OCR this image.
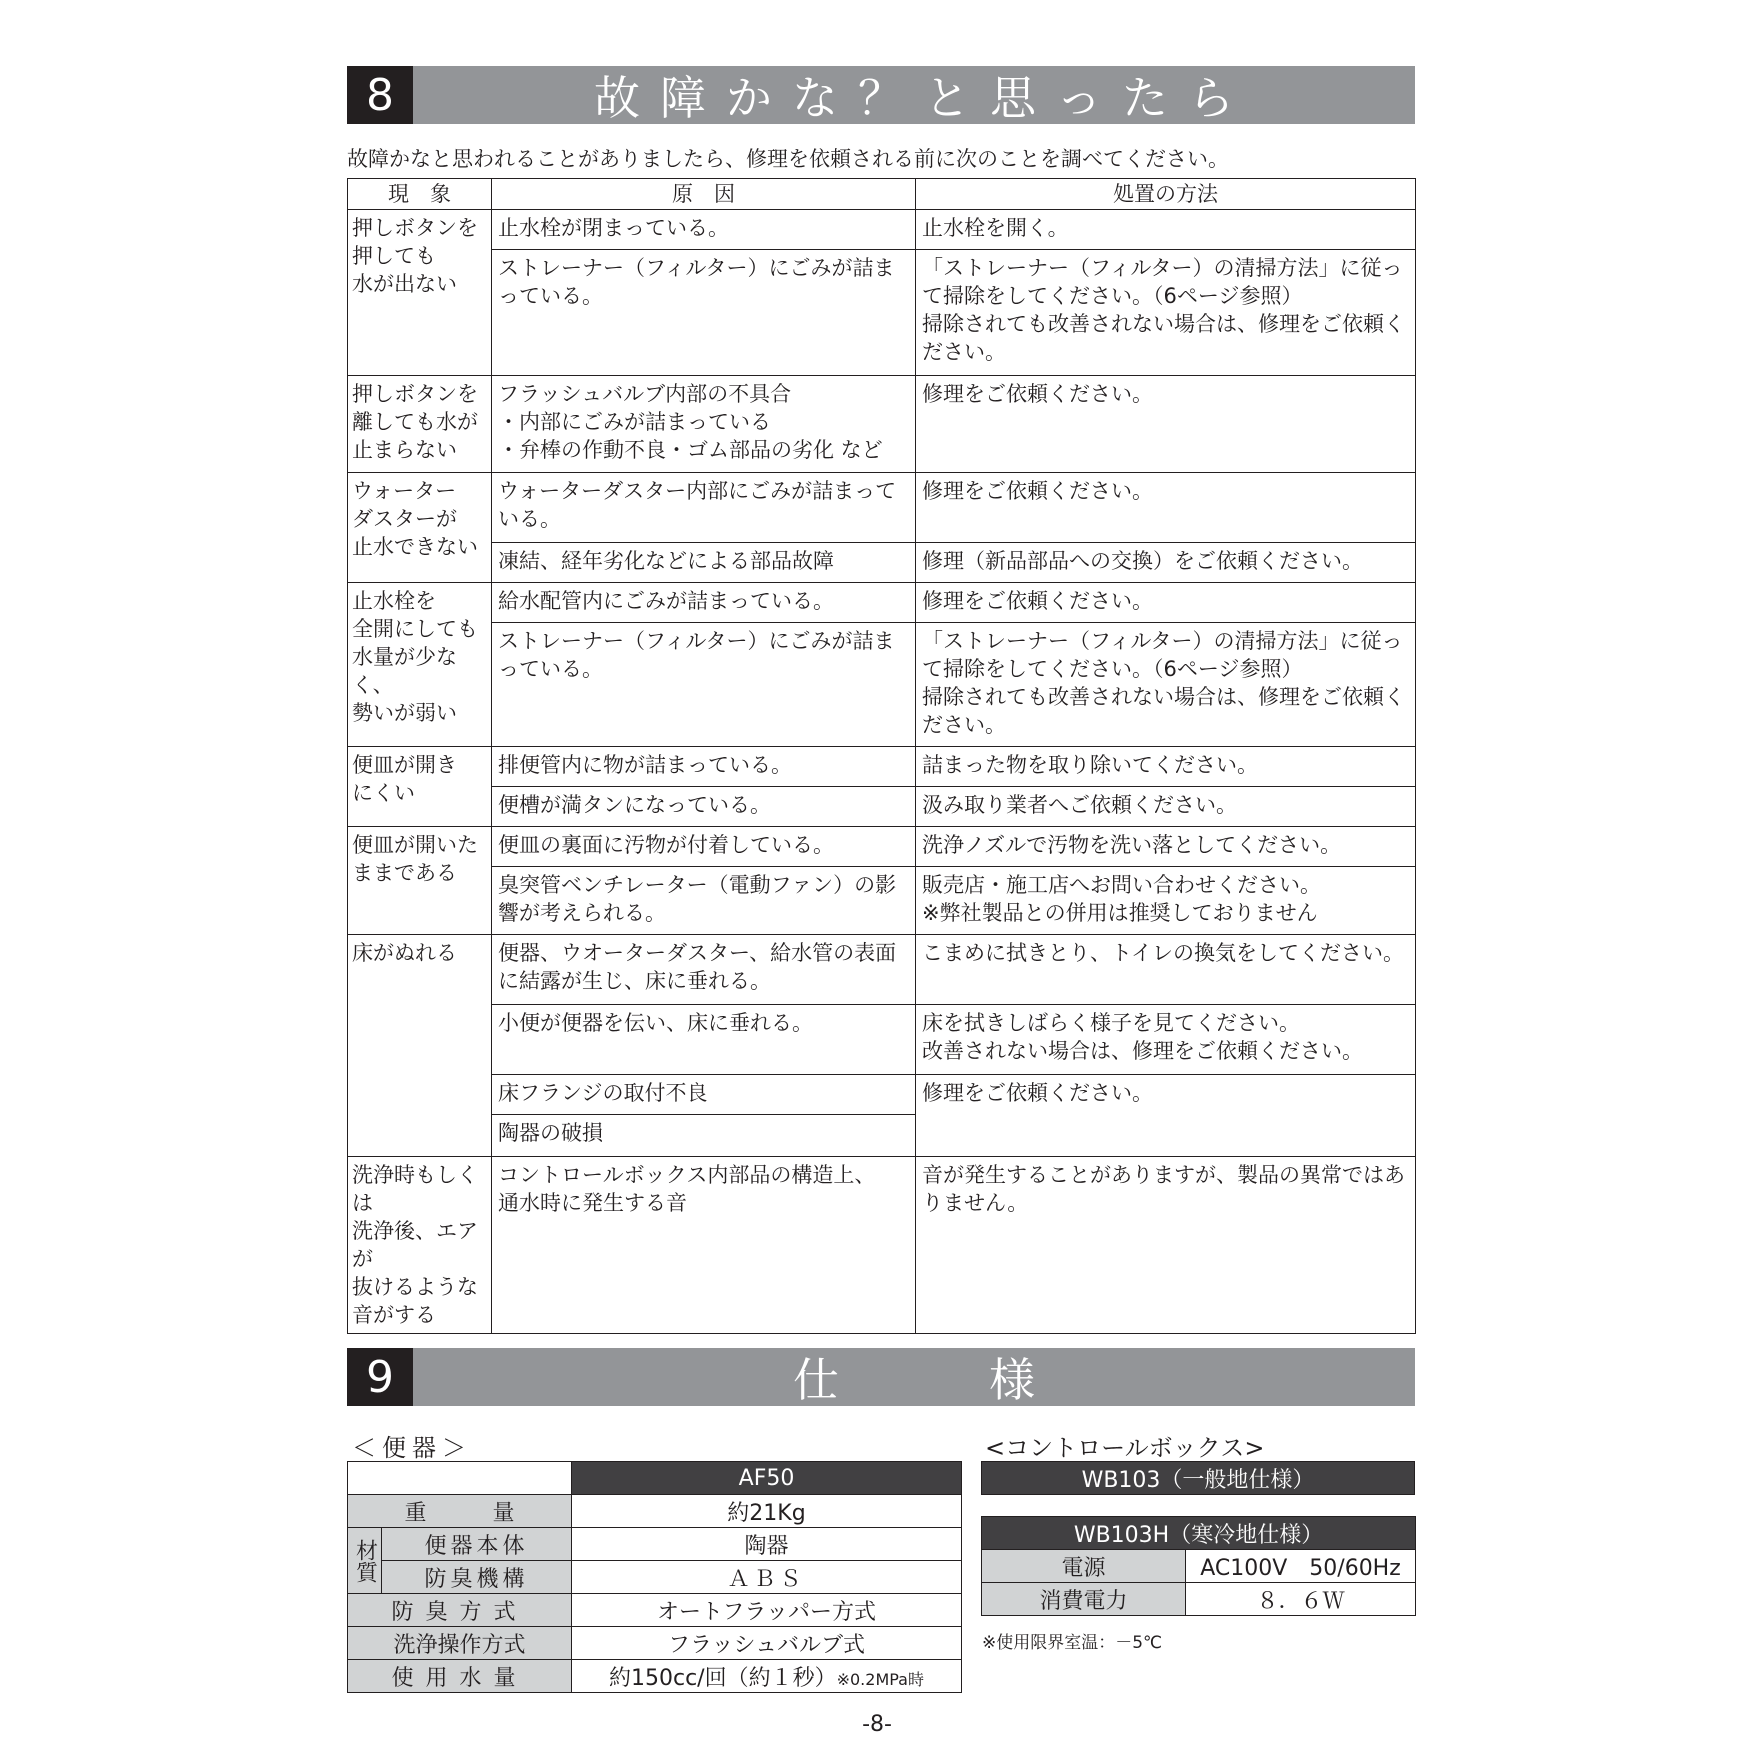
8	故障かな？と思ったら
故障かなと思われることがありましたら、修理を依頼される前に次のことを調べてください。
現　象	原　因	処置の方法
押しボタンを
押しても
水が出ない	止水栓が閉まっている。	止水栓を開く。
	ストレーナー（フィルター）にごみが詰まっている。	「ストレーナー（フィルター）の清掃方法」に従って掃除をしてください。（6ページ参照）
掃除されても改善されない場合は、修理をご依頼ください。
押しボタンを
離しても水が
止まらない	フラッシュバルブ内部の不具合
・内部にごみが詰まっている
・弁棒の作動不良・ゴム部品の劣化 など	修理をご依頼ください。
ウォーター
ダスターが
止水できない	ウォーターダスター内部にごみが詰まっている。	修理をご依頼ください。
	凍結、経年劣化などによる部品故障	修理（新品部品への交換）をご依頼ください。
止水栓を
全開にしても
水量が少なく、
勢いが弱い	給水配管内にごみが詰まっている。	修理をご依頼ください。
	ストレーナー（フィルター）にごみが詰まっている。	「ストレーナー（フィルター）の清掃方法」に従って掃除をしてください。（6ページ参照）
掃除されても改善されない場合は、修理をご依頼ください。
便皿が開き
にくい	排便管内に物が詰まっている。	詰まった物を取り除いてください。
	便槽が満タンになっている。	汲み取り業者へご依頼ください。
便皿が開いた
ままである	便皿の裏面に汚物が付着している。	洗浄ノズルで汚物を洗い落としてください。
	臭突管ベンチレーター（電動ファン）の影響が考えられる。	販売店・施工店へお問い合わせください。
※弊社製品との併用は推奨しておりません
床がぬれる	便器、ウオーターダスター、給水管の表面に結露が生じ、床に垂れる。	こまめに拭きとり、トイレの換気をしてください。
	小便が便器を伝い、床に垂れる。	床を拭きしばらく様子を見てください。
改善されない場合は、修理をご依頼ください。
	床フランジの取付不良	修理をご依頼ください。
	陶器の破損	
洗浄時もしくは
洗浄後、エアが
抜けるような
音がする	コントロールボックス内部品の構造上、
通水時に発生する音	音が発生することがありますが、製品の異常ではありません。
9	仕様
＜便器＞	<コントロールボックス>
		AF50
重　　　量		約21Kg
材質	便器本体	陶器
	防臭機構	ＡＢＳ
防臭方式		オートフラッパー方式
洗浄操作方式		フラッシュバルブ式
使用水量		約150cc/回（約１秒）※0.2MPa時
WB103（一般地仕様）
WB103H（寒冷地仕様）	
電源	AC100V　50/60Hz
消費電力	８．６Ｗ
※使用限界室温：－5℃
-8-
